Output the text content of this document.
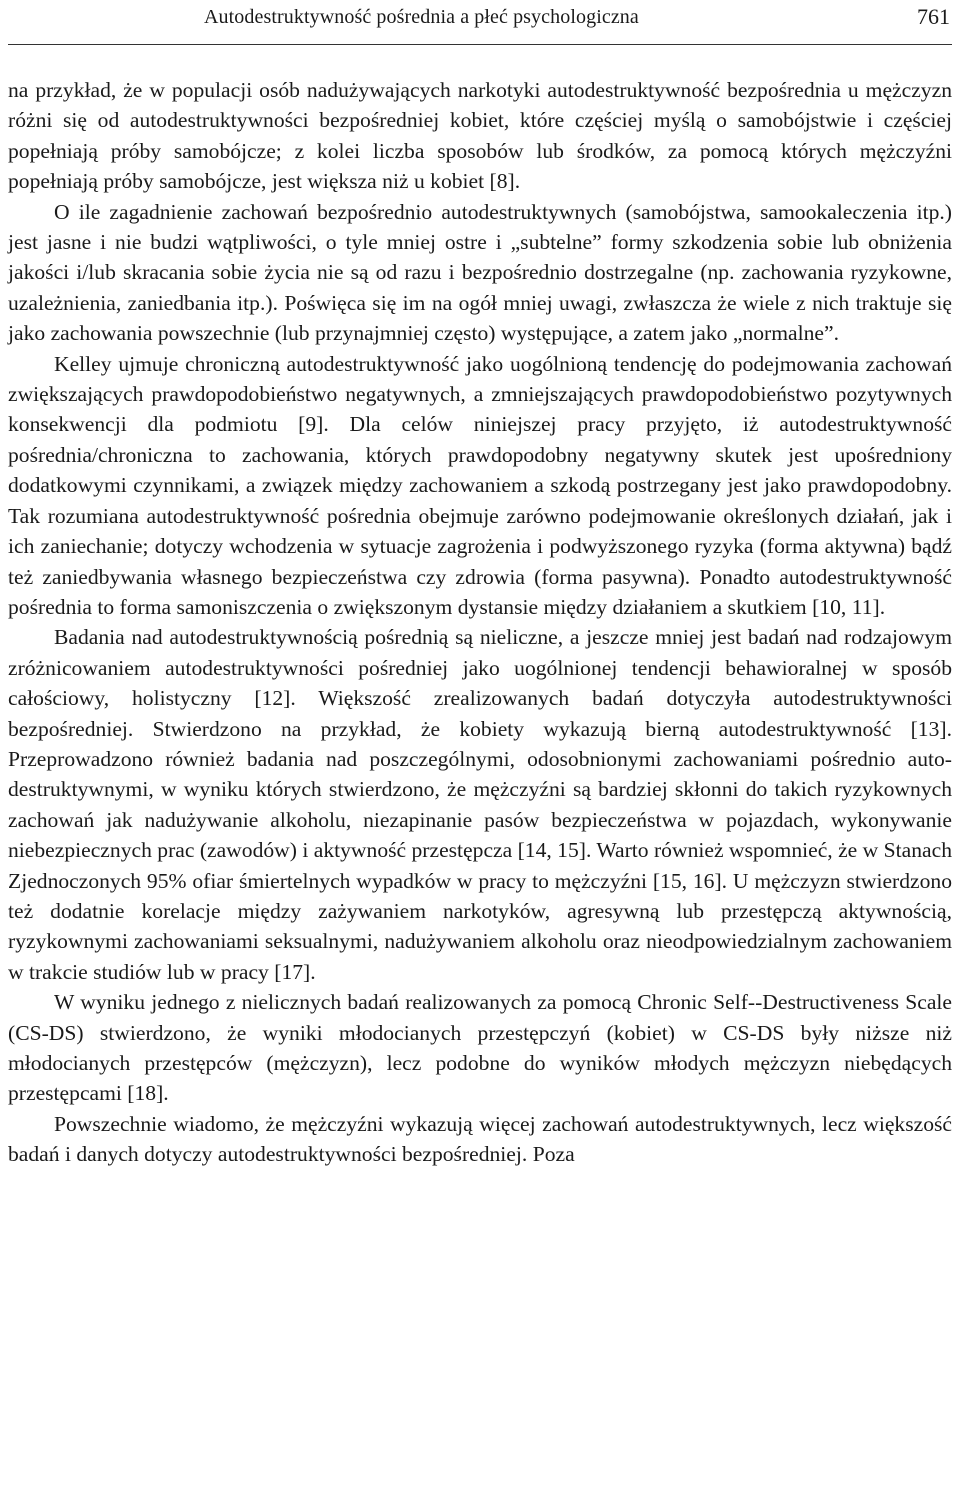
Autodestruktywność pośrednia a płeć psychologiczna	761

na przykład, że w populacji osób nadużywających narkotyki autodestruktywność bezpośrednia u mężczyzn różni się od autodestruktywności bezpośredniej kobiet, które częściej myślą o samobójstwie i częściej popełniają próby samobójcze; z kolei liczba sposobów lub środków, za pomocą których mężczyźni popełniają próby samobójcze, jest większa niż u kobiet [8].

O ile zagadnienie zachowań bezpośrednio autodestruktywnych (samobójstwa, samookaleczenia itp.) jest jasne i nie budzi wątpliwości, o tyle mniej ostre i „subtelne” formy szkodzenia sobie lub obniżenia jakości i/lub skracania sobie życia nie są od razu i bezpośrednio dostrzegalne (np. zachowania ryzykowne, uzależnienia, zaniedbania itp.). Poświęca się im na ogół mniej uwagi, zwłaszcza że wiele z nich traktuje się jako zachowania powszechnie (lub przynajmniej często) występujące, a zatem jako „normalne”.

Kelley ujmuje chroniczną autodestruktywność jako uogólnioną tendencję do podejmowania zachowań zwiększających prawdopodobieństwo negatywnych, a zmniejszających prawdopodobieństwo pozytywnych konsekwencji dla podmiotu [9]. Dla celów niniejszej pracy przyjęto, iż autodestruktywność pośrednia/chroniczna to zachowania, których prawdopodobny negatywny skutek jest upośredniony dodatkowymi czynnikami, a związek między zachowaniem a szkodą postrzegany jest jako prawdopodobny. Tak rozumiana autodestruktywność pośrednia obejmuje zarówno podejmowanie określonych działań, jak i ich zaniechanie; dotyczy wchodzenia w sytuacje zagrożenia i podwyższonego ryzyka (forma aktywna) bądź też zaniedbywania własnego bezpieczeństwa czy zdrowia (forma pasywna). Ponadto autodestruktywność pośrednia to forma samoniszczenia o zwiększonym dystansie między działaniem a skutkiem [10, 11].

Badania nad autodestruktywnością pośrednią są nieliczne, a jeszcze mniej jest badań nad rodzajowym zróżnicowaniem autodestruktywności pośredniej jako uogólnionej tendencji behawioralnej w sposób całościowy, holistyczny [12]. Większość zrealizowanych badań dotyczyła autodestruktywności bezpośredniej. Stwierdzono na przykład, że kobiety wykazują bierną autodestruktywność [13]. Przeprowadzono również badania nad poszczególnymi, odosobnionymi zachowaniami pośrednio autodestruktywnymi, w wyniku których stwierdzono, że mężczyźni są bardziej skłonni do takich ryzykownych zachowań jak nadużywanie alkoholu, niezapinanie pasów bezpieczeństwa w pojazdach, wykonywanie niebezpiecznych prac (zawodów) i aktywność przestępcza [14, 15]. Warto również wspomnieć, że w Stanach Zjednoczonych 95% ofiar śmiertelnych wypadków w pracy to mężczyźni [15, 16]. U mężczyzn stwierdzono też dodatnie korelacje między zażywaniem narkotyków, agresywną lub przestępczą aktywnością, ryzykownymi zachowaniami seksualnymi, nadużywaniem alkoholu oraz nieodpowiedzialnym zachowaniem w trakcie studiów lub w pracy [17].

W wyniku jednego z nielicznych badań realizowanych za pomocą Chronic Self--Destructiveness Scale (CS-DS) stwierdzono, że wyniki młodocianych przestępczyń (kobiet) w CS-DS były niższe niż młodocianych przestępców (mężczyzn), lecz podobne do wyników młodych mężczyzn niebędących przestępcami [18].

Powszechnie wiadomo, że mężczyźni wykazują więcej zachowań autodestruktywnych, lecz większość badań i danych dotyczy autodestruktywności bezpośredniej. Poza
